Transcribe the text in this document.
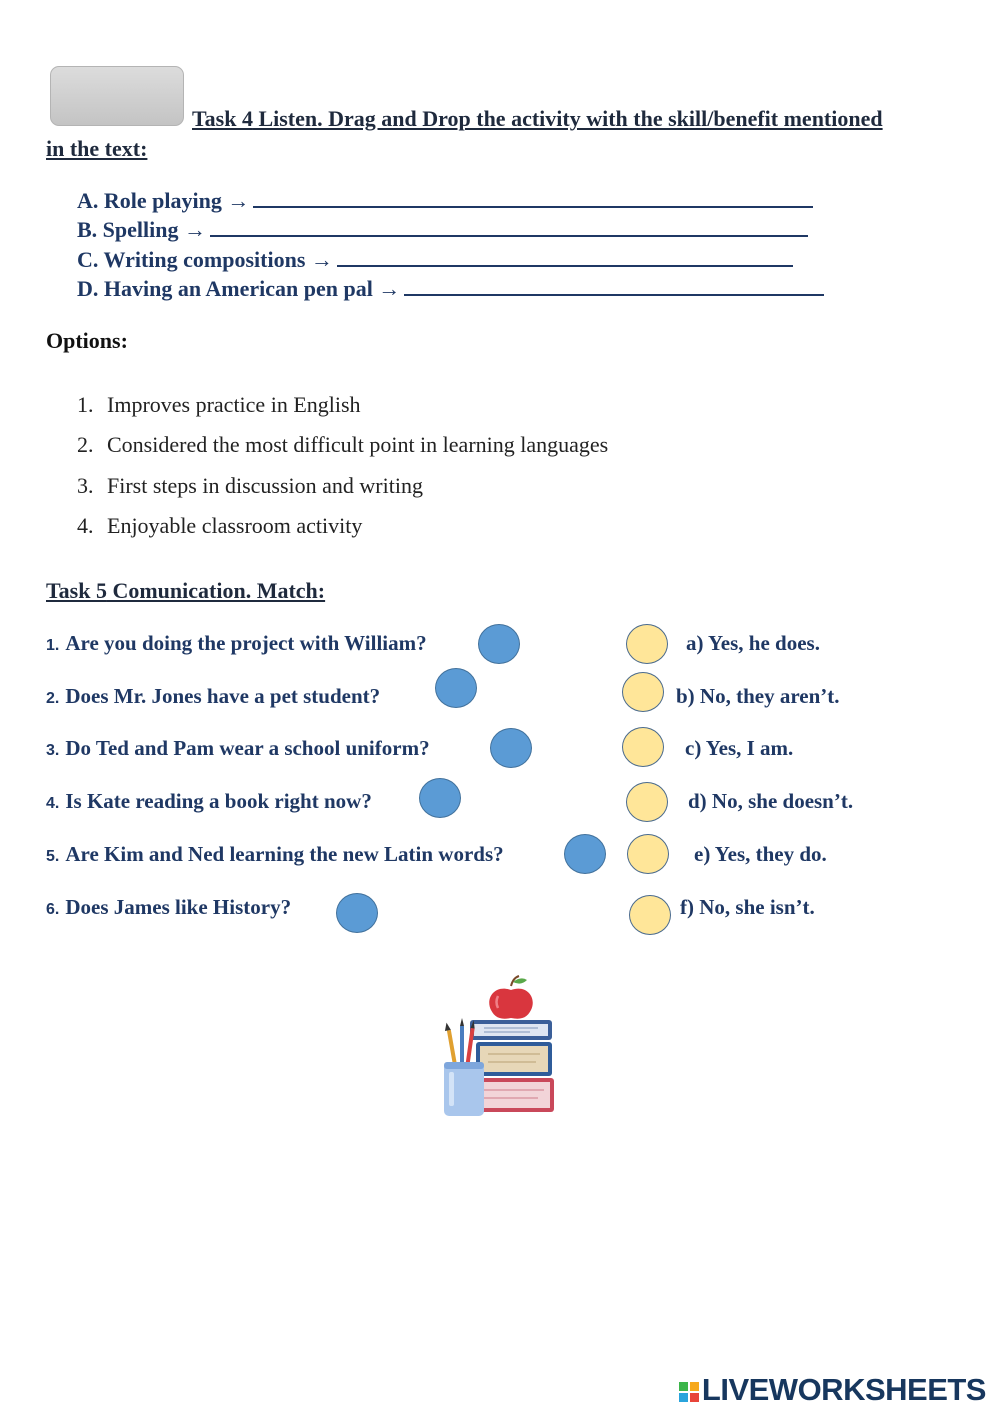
Task 4 Listen. Drag and Drop the activity with the skill/benefit mentioned
in the text:
A. Role playing →
B. Spelling →
C. Writing compositions →
D. Having an American pen pal →
Options:
1. Improves practice in English
2. Considered the most difficult point in learning languages
3. First steps in discussion and writing
4. Enjoyable classroom activity
Task 5 Comunication. Match:
1. Are you doing the project with William?
2. Does Mr. Jones have a pet student?
3. Do Ted and Pam wear a school uniform?
4. Is Kate reading a book right now?
5. Are Kim and Ned learning the new Latin words?
6. Does James like History?
a) Yes, he does.
b) No, they aren’t.
c) Yes, I am.
d) No, she doesn’t.
e) Yes, they do.
f) No, she isn’t.
LIVEWORKSHEETS
